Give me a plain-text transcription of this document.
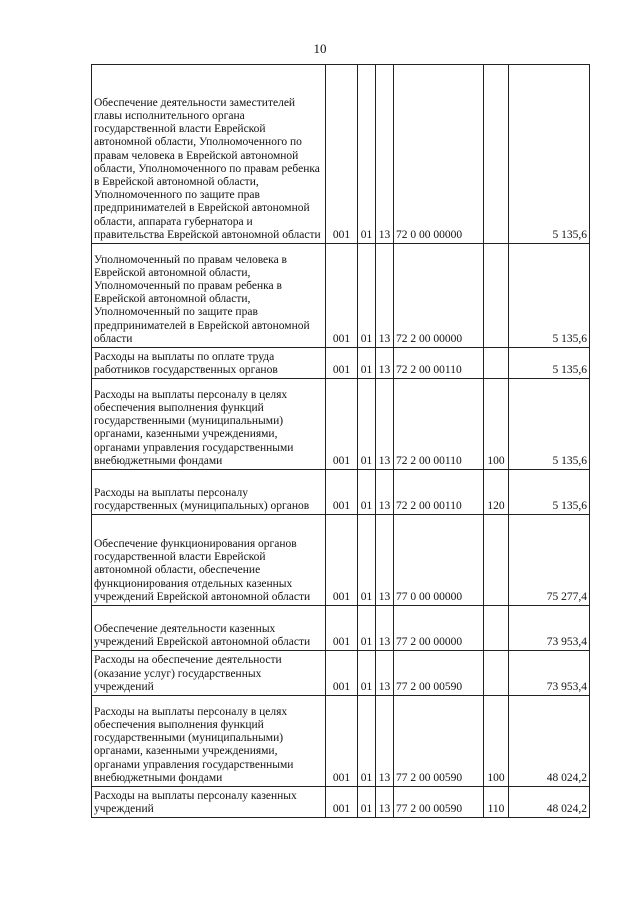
10
Обеспечение деятельности заместителей главы исполнительного органа государственной власти Еврейской автономной области, Уполномоченного по правам человека в Еврейской автономной области, Уполномоченного по правам ребенка в Еврейской автономной области, Уполномоченного по защите прав предпринимателей в Еврейской автономной области, аппарата губернатора и правительства Еврейской автономной области	001	01	13	72 0 00 00000		5 135,6

Уполномоченный по правам человека в Еврейской автономной области, Уполномоченный по правам ребенка в Еврейской автономной области, Уполномоченный по защите прав предпринимателей в Еврейской автономной области	001	01	13	72 2 00 00000		5 135,6

Расходы на выплаты по оплате труда работников государственных органов	001	01	13	72 2 00 00110		5 135,6

Расходы на выплаты персоналу в целях обеспечения выполнения функций государственными (муниципальными) органами, казенными учреждениями, органами управления государственными внебюджетными фондами	001	01	13	72 2 00 00110	100	5 135,6

Расходы на выплаты персоналу государственных (муниципальных) органов	001	01	13	72 2 00 00110	120	5 135,6

Обеспечение функционирования органов государственной власти Еврейской автономной области, обеспечение функционирования отдельных казенных учреждений Еврейской автономной области	001	01	13	77 0 00 00000		75 277,4

Обеспечение деятельности казенных учреждений Еврейской автономной области	001	01	13	77 2 00 00000		73 953,4

Расходы на обеспечение деятельности (оказание услуг) государственных учреждений	001	01	13	77 2 00 00590		73 953,4

Расходы на выплаты персоналу в целях обеспечения выполнения функций государственными (муниципальными) органами, казенными учреждениями, органами управления государственными внебюджетными фондами	001	01	13	77 2 00 00590	100	48 024,2

Расходы на выплаты персоналу казенных учреждений	001	01	13	77 2 00 00590	110	48 024,2
